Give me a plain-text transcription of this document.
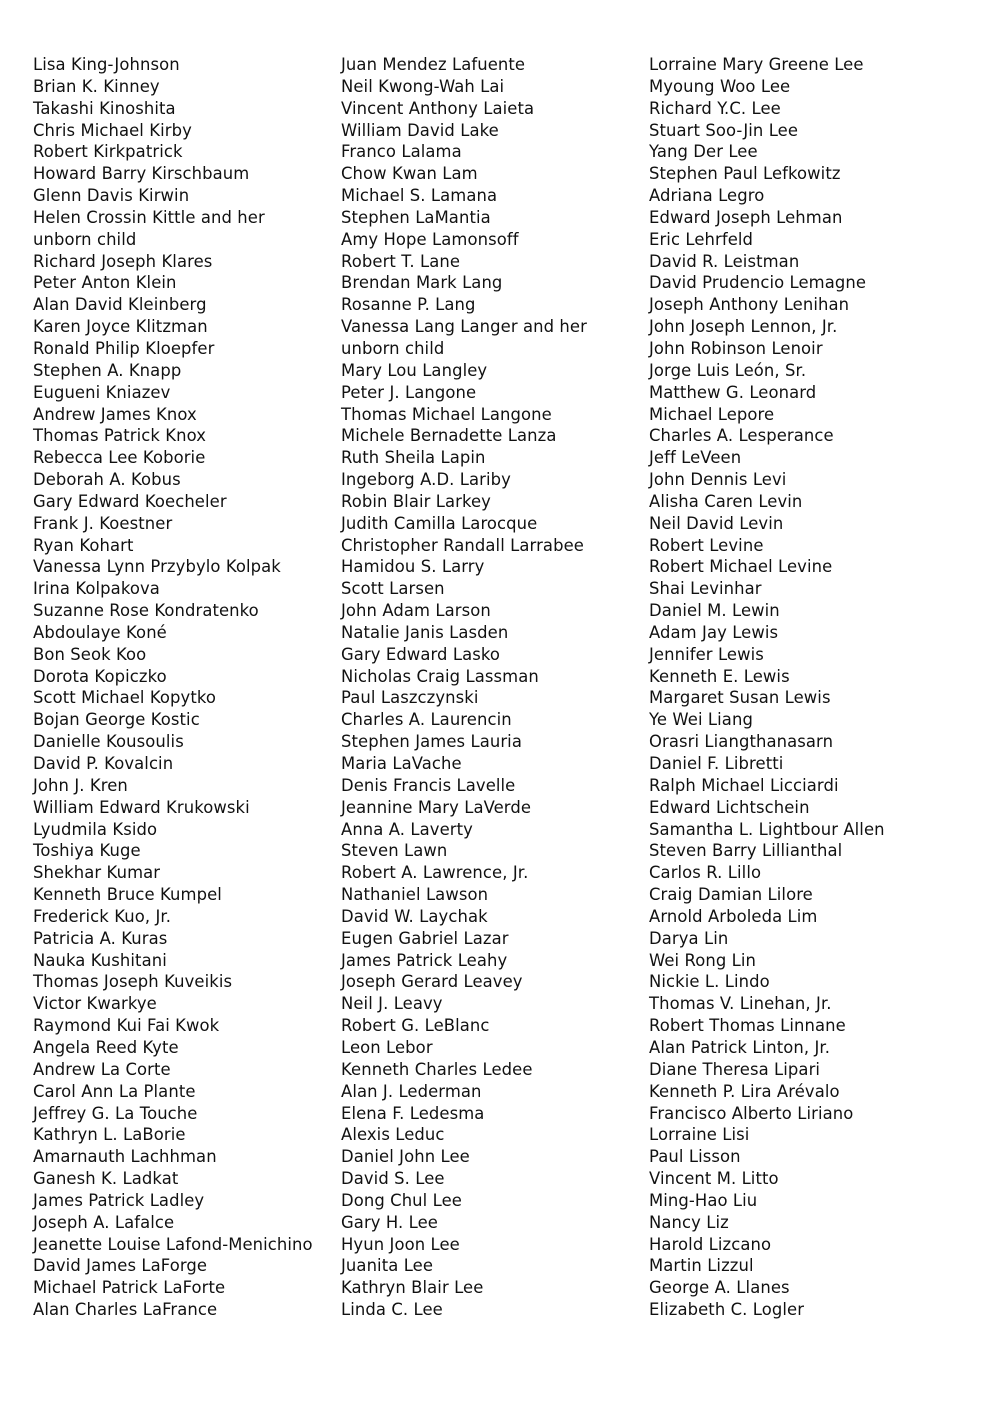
Lisa King-Johnson
Brian K. Kinney
Takashi Kinoshita
Chris Michael Kirby
Robert Kirkpatrick
Howard Barry Kirschbaum
Glenn Davis Kirwin
Helen Crossin Kittle and her
unborn child
Richard Joseph Klares
Peter Anton Klein
Alan David Kleinberg
Karen Joyce Klitzman
Ronald Philip Kloepfer
Stephen A. Knapp
Eugueni Kniazev
Andrew James Knox
Thomas Patrick Knox
Rebecca Lee Koborie
Deborah A. Kobus
Gary Edward Koecheler
Frank J. Koestner
Ryan Kohart
Vanessa Lynn Przybylo Kolpak
Irina Kolpakova
Suzanne Rose Kondratenko
Abdoulaye Koné
Bon Seok Koo
Dorota Kopiczko
Scott Michael Kopytko
Bojan George Kostic
Danielle Kousoulis
David P. Kovalcin
John J. Kren
William Edward Krukowski
Lyudmila Ksido
Toshiya Kuge
Shekhar Kumar
Kenneth Bruce Kumpel
Frederick Kuo, Jr.
Patricia A. Kuras
Nauka Kushitani
Thomas Joseph Kuveikis
Victor Kwarkye
Raymond Kui Fai Kwok
Angela Reed Kyte
Andrew La Corte
Carol Ann La Plante
Jeffrey G. La Touche
Kathryn L. LaBorie
Amarnauth Lachhman
Ganesh K. Ladkat
James Patrick Ladley
Joseph A. Lafalce
Jeanette Louise Lafond-Menichino
David James LaForge
Michael Patrick LaForte
Alan Charles LaFrance
Juan Mendez Lafuente
Neil Kwong-Wah Lai
Vincent Anthony Laieta
William David Lake
Franco Lalama
Chow Kwan Lam
Michael S. Lamana
Stephen LaMantia
Amy Hope Lamonsoff
Robert T. Lane
Brendan Mark Lang
Rosanne P. Lang
Vanessa Lang Langer and her
unborn child
Mary Lou Langley
Peter J. Langone
Thomas Michael Langone
Michele Bernadette Lanza
Ruth Sheila Lapin
Ingeborg A.D. Lariby
Robin Blair Larkey
Judith Camilla Larocque
Christopher Randall Larrabee
Hamidou S. Larry
Scott Larsen
John Adam Larson
Natalie Janis Lasden
Gary Edward Lasko
Nicholas Craig Lassman
Paul Laszczynski
Charles A. Laurencin
Stephen James Lauria
Maria LaVache
Denis Francis Lavelle
Jeannine Mary LaVerde
Anna A. Laverty
Steven Lawn
Robert A. Lawrence, Jr.
Nathaniel Lawson
David W. Laychak
Eugen Gabriel Lazar
James Patrick Leahy
Joseph Gerard Leavey
Neil J. Leavy
Robert G. LeBlanc
Leon Lebor
Kenneth Charles Ledee
Alan J. Lederman
Elena F. Ledesma
Alexis Leduc
Daniel John Lee
David S. Lee
Dong Chul Lee
Gary H. Lee
Hyun Joon Lee
Juanita Lee
Kathryn Blair Lee
Linda C. Lee
Lorraine Mary Greene Lee
Myoung Woo Lee
Richard Y.C. Lee
Stuart Soo-Jin Lee
Yang Der Lee
Stephen Paul Lefkowitz
Adriana Legro
Edward Joseph Lehman
Eric Lehrfeld
David R. Leistman
David Prudencio Lemagne
Joseph Anthony Lenihan
John Joseph Lennon, Jr.
John Robinson Lenoir
Jorge Luis León, Sr.
Matthew G. Leonard
Michael Lepore
Charles A. Lesperance
Jeff LeVeen
John Dennis Levi
Alisha Caren Levin
Neil David Levin
Robert Levine
Robert Michael Levine
Shai Levinhar
Daniel M. Lewin
Adam Jay Lewis
Jennifer Lewis
Kenneth E. Lewis
Margaret Susan Lewis
Ye Wei Liang
Orasri Liangthanasarn
Daniel F. Libretti
Ralph Michael Licciardi
Edward Lichtschein
Samantha L. Lightbour Allen
Steven Barry Lillianthal
Carlos R. Lillo
Craig Damian Lilore
Arnold Arboleda Lim
Darya Lin
Wei Rong Lin
Nickie L. Lindo
Thomas V. Linehan, Jr.
Robert Thomas Linnane
Alan Patrick Linton, Jr.
Diane Theresa Lipari
Kenneth P. Lira Arévalo
Francisco Alberto Liriano
Lorraine Lisi
Paul Lisson
Vincent M. Litto
Ming-Hao Liu
Nancy Liz
Harold Lizcano
Martin Lizzul
George A. Llanes
Elizabeth C. Logler
